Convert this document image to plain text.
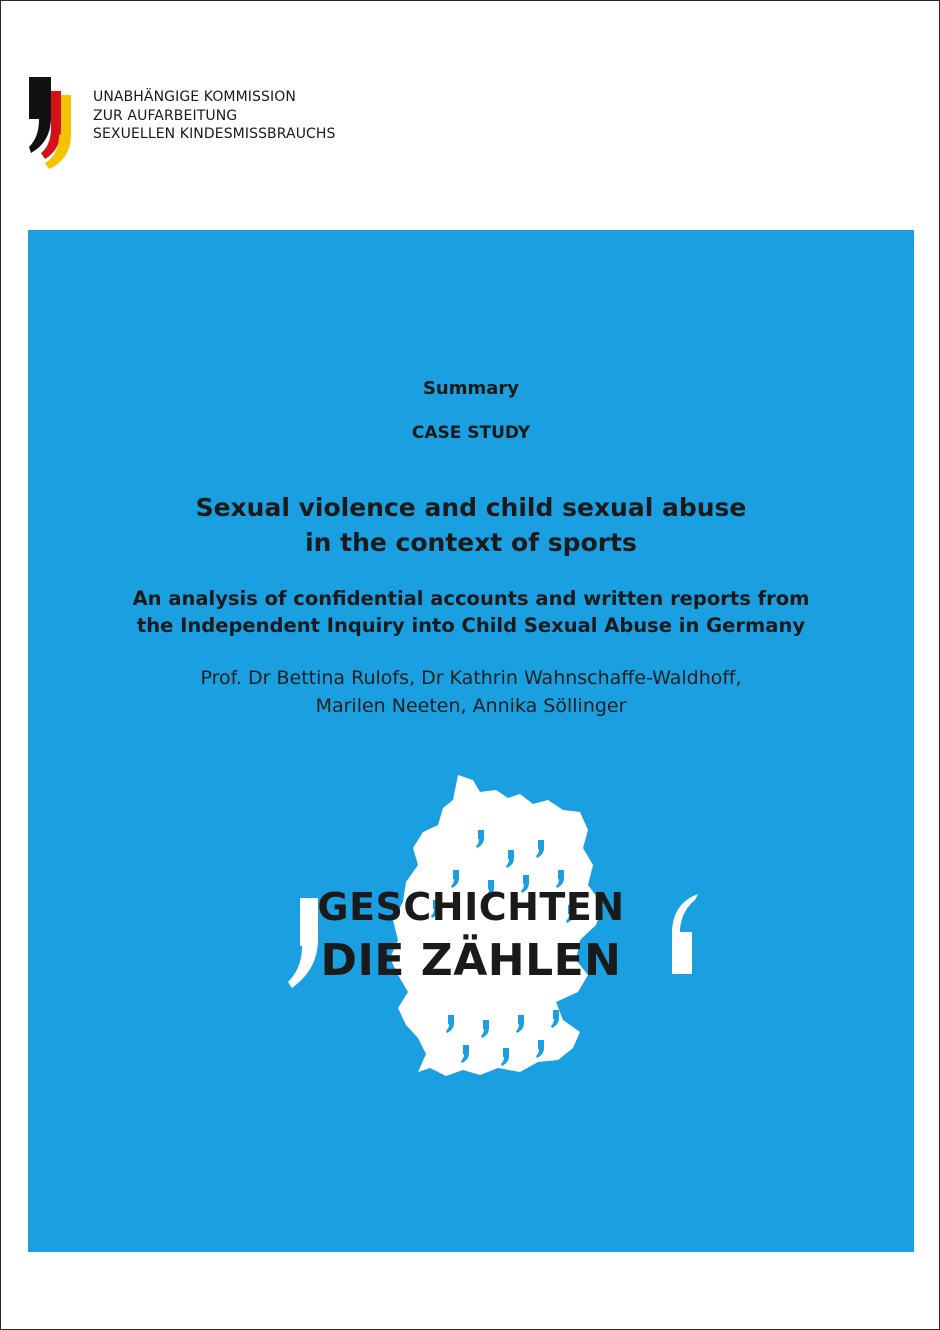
UNABHÄNGIGE KOMMISSION
ZUR AUFARBEITUNG
SEXUELLEN KINDESMISSBRAUCHS
Summary
CASE STUDY
Sexual violence and child sexual abuse
in the context of sports
An analysis of confidential accounts and written reports from
the Independent Inquiry into Child Sexual Abuse in Germany
Prof. Dr Bettina Rulofs, Dr Kathrin Wahnschaffe-Waldhoff,
Marilen Neeten, Annika Söllinger
GESCHICHTEN
DIE ZÄHLEN
